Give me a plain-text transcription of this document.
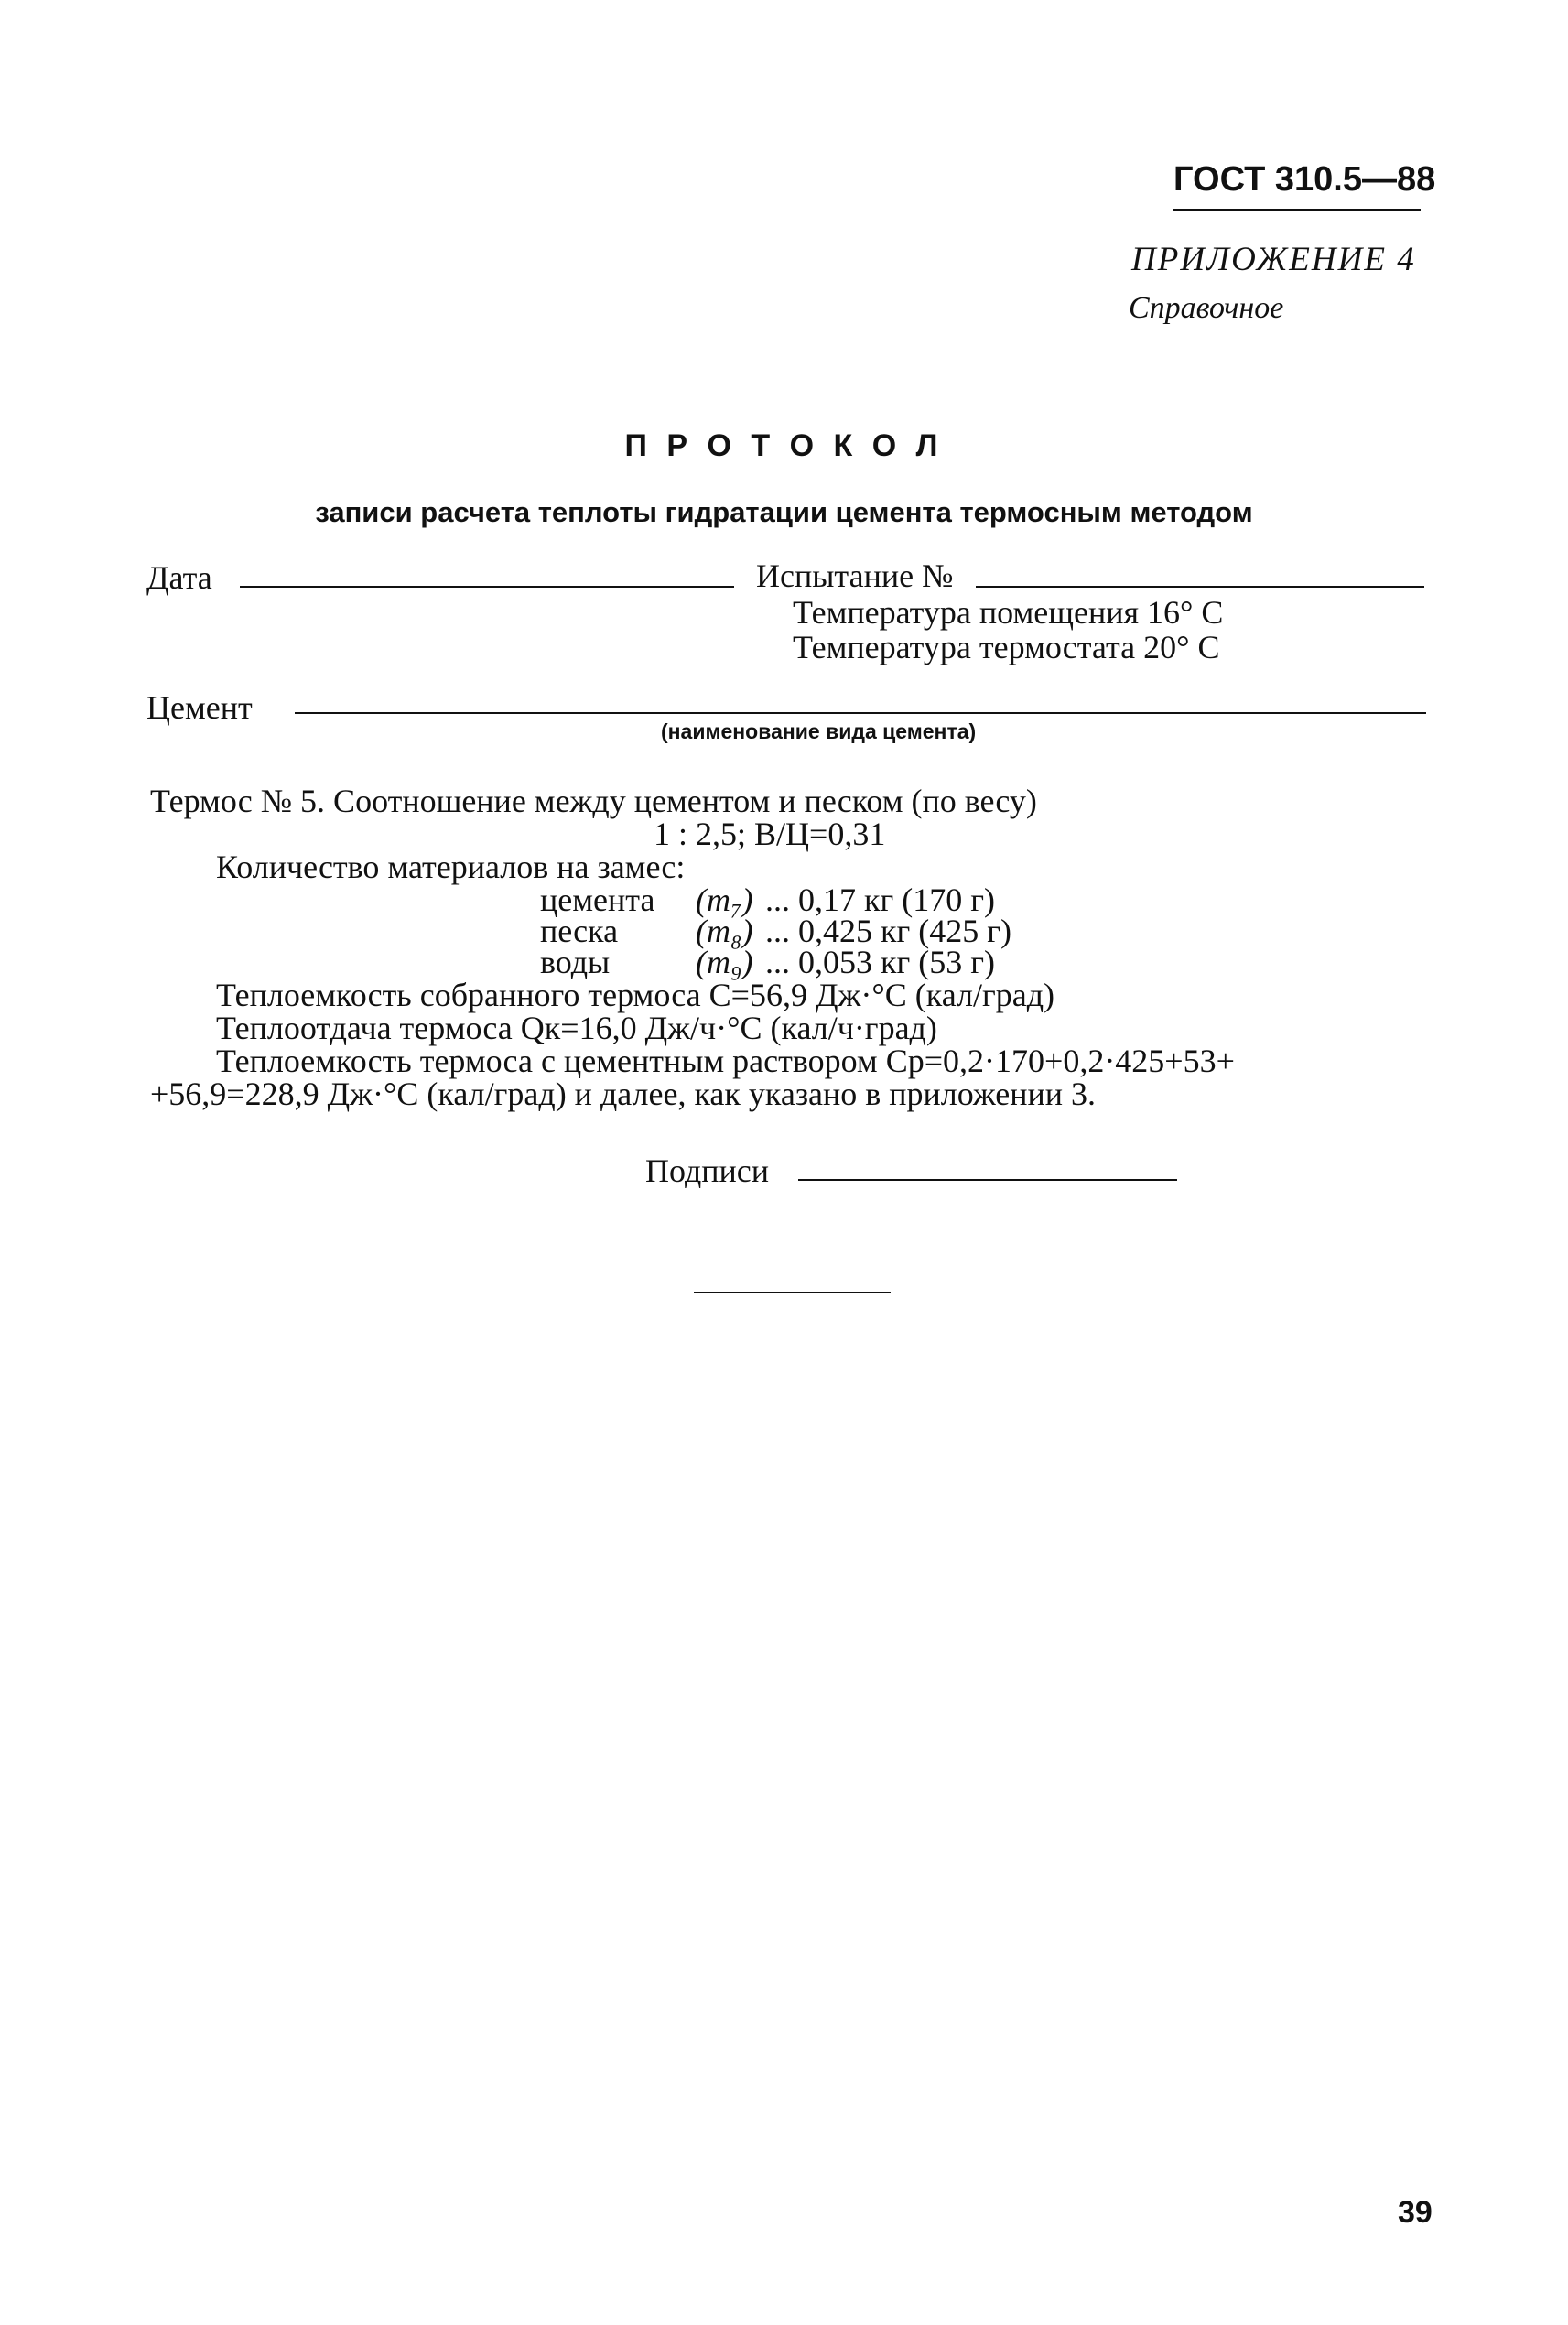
ГОСТ 310.5—88
ПРИЛОЖЕНИЕ 4
Справочное
П Р О Т О К О Л
записи расчета теплоты гидратации цемента термосным методом
Дата	Испытание №
Температура помещения 16° С
Температура термостата 20° С
Цемент
(наименование вида цемента)
Термос № 5. Соотношение между цементом и песком (по весу)
1 : 2,5; В/Ц=0,31
Количество материалов на замес:
цемента (m₇) ... 0,17 кг (170 г)
песка (m₈) ... 0,425 кг (425 г)
воды	(m₉) ... 0,053 кг (53 г)
Теплоемкость собранного термоса C=56,9 Дж·°С (кал/град)
Теплоотдача термоса Qк=16,0 Дж/ч·°С (кал/ч·град)
Теплоемкость термоса с цементным раствором Cр=0,2·170+0,2·425+53+
+56,9=228,9 Дж·°С (кал/град) и далее, как указано в приложении 3.
Подписи
39
